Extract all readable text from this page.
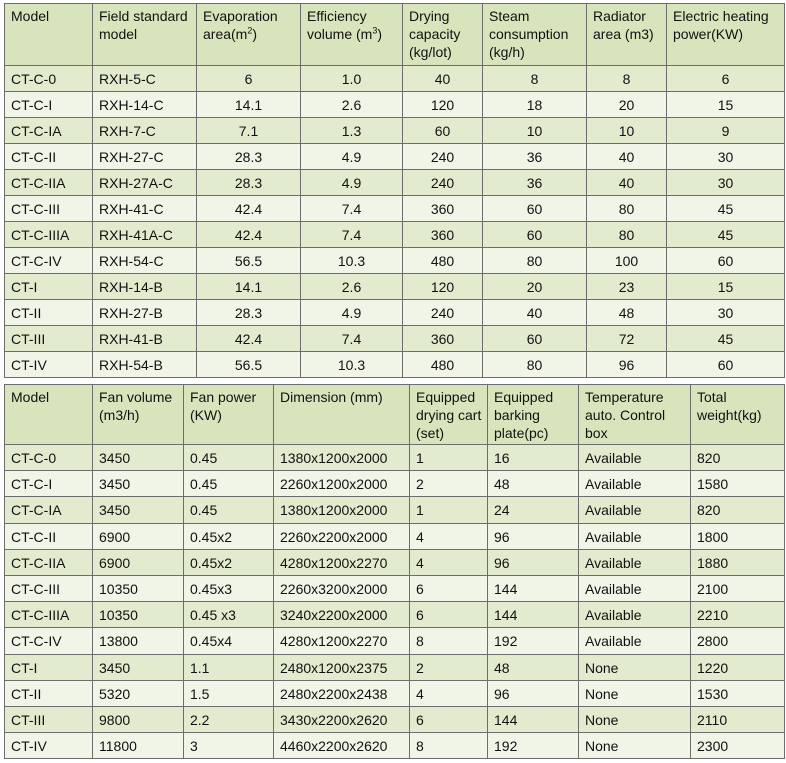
Model	Field standard model	Evaporation $area(m^2)$	Efficiency volume $(m^3)$	Drying capacity (kg/lot)	Steam consumption (kg/h)	Radiator area (m3)	Electric heating power(KW)
CT-C-0	RXH-5-C	6	1.0	40	8	8	6
CT-C-I	RXH-14-C	14.1	2.6	120	18	20	15
CT-C-IA	RXH-7-C	7.1	1.3	60	10	10	9
CT-C-II	RXH-27-C	28.3	4.9	240	36	40	30
CT-C-IIA	RXH-27A-C	28.3	4.9	240	36	40	30
CT-C-III	RXH-41-C	42.4	7.4	360	60	80	45
CT-C-IIIA	RXH-41A-C	42.4	7.4	360	60	80	45
CT-C-IV	RXH-54-C	56.5	10.3	480	80	100	60
CT-I	RXH-14-B	14.1	2.6	120	20	23	15
CT-II	RXH-27-B	28.3	4.9	240	40	48	30
CT-III	RXH-41-B	42.4	7.4	360	60	72	45
CT-IV	RXH-54-B	56.5	10.3	480	80	96	60
Model	Fan volume (m3/h)	Fan power (KW)	Dimension (mm)	Equipped drying cart (set)	Equipped barking plate(pc)	Temperature auto. Control box	Total weight(kg)
CT-C-0	3450	0.45	1380x1200x2000	1	16	Available	820
CT-C-I	3450	0.45	2260x1200x2000	2	48	Available	1580
CT-C-IA	3450	0.45	1380x1200x2000	1	24	Available	820
CT-C-II	6900	0.45x2	2260x2200x2000	4	96	Available	1800
CT-C-IIA	6900	0.45x2	4280x1200x2270	4	96	Available	1880
CT-C-III	10350	0.45x3	2260x3200x2000	6	144	Available	2100
CT-C-IIIA	10350	0.45 x3	3240x2200x2000	6	144	Available	2210
CT-C-IV	13800	0.45x4	4280x1200x2270	8	192	Available	2800
CT-I	3450	1.1	2480x1200x2375	2	48	None	1220
CT-II	5320	1.5	2480x2200x2438	4	96	None	1530
CT-III	9800	2.2	3430x2200x2620	6	144	None	2110
CT-IV	11800	3	4460x2200x2620	8	192	None	2300
